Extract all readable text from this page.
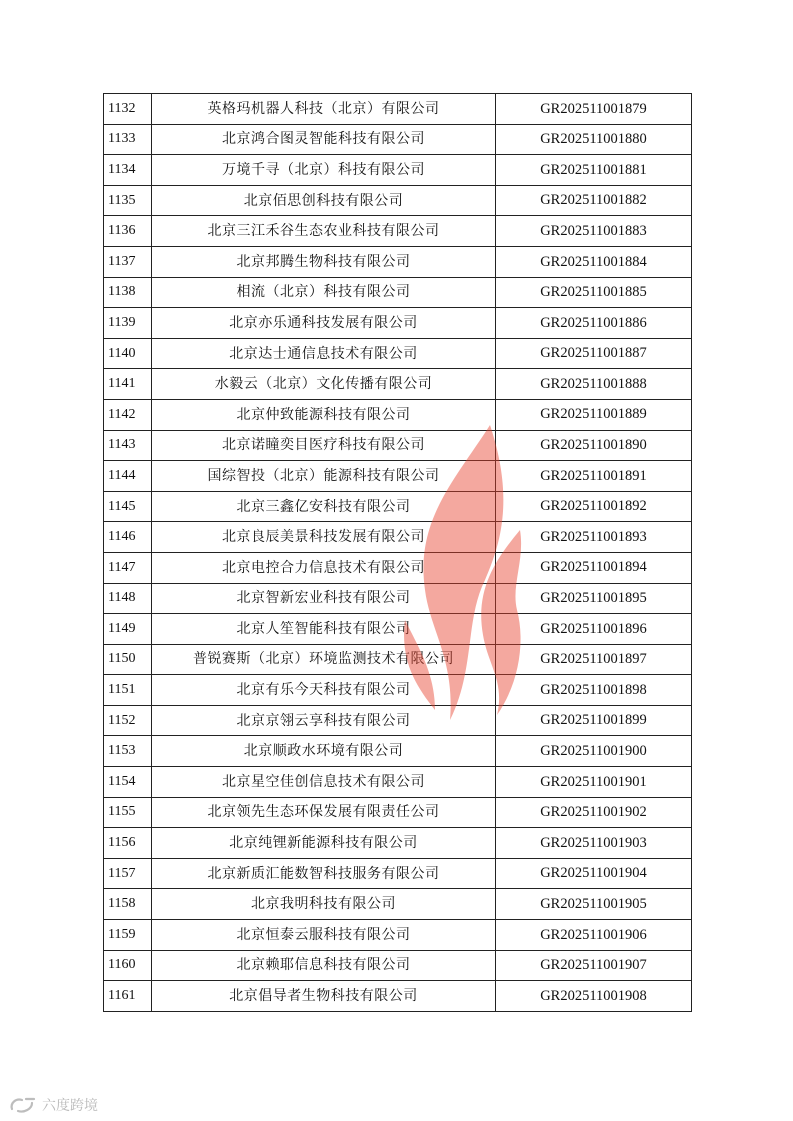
1132	英格玛机器人科技（北京）有限公司	GR202511001879
1133	北京鸿合图灵智能科技有限公司	GR202511001880
1134	万境千寻（北京）科技有限公司	GR202511001881
1135	北京佰思创科技有限公司	GR202511001882
1136	北京三江禾谷生态农业科技有限公司	GR202511001883
1137	北京邦腾生物科技有限公司	GR202511001884
1138	相流（北京）科技有限公司	GR202511001885
1139	北京亦乐通科技发展有限公司	GR202511001886
1140	北京达士通信息技术有限公司	GR202511001887
1141	水毅云（北京）文化传播有限公司	GR202511001888
1142	北京仲致能源科技有限公司	GR202511001889
1143	北京诺瞳奕目医疗科技有限公司	GR202511001890
1144	国综智投（北京）能源科技有限公司	GR202511001891
1145	北京三鑫亿安科技有限公司	GR202511001892
1146	北京良辰美景科技发展有限公司	GR202511001893
1147	北京电控合力信息技术有限公司	GR202511001894
1148	北京智新宏业科技有限公司	GR202511001895
1149	北京人笙智能科技有限公司	GR202511001896
1150	普锐赛斯（北京）环境监测技术有限公司	GR202511001897
1151	北京有乐今天科技有限公司	GR202511001898
1152	北京京翎云享科技有限公司	GR202511001899
1153	北京顺政水环境有限公司	GR202511001900
1154	北京星空佳创信息技术有限公司	GR202511001901
1155	北京领先生态环保发展有限责任公司	GR202511001902
1156	北京纯锂新能源科技有限公司	GR202511001903
1157	北京新质汇能数智科技服务有限公司	GR202511001904
1158	北京我明科技有限公司	GR202511001905
1159	北京恒泰云服科技有限公司	GR202511001906
1160	北京赖耶信息科技有限公司	GR202511001907
1161	北京倡导者生物科技有限公司	GR202511001908
六度跨境
